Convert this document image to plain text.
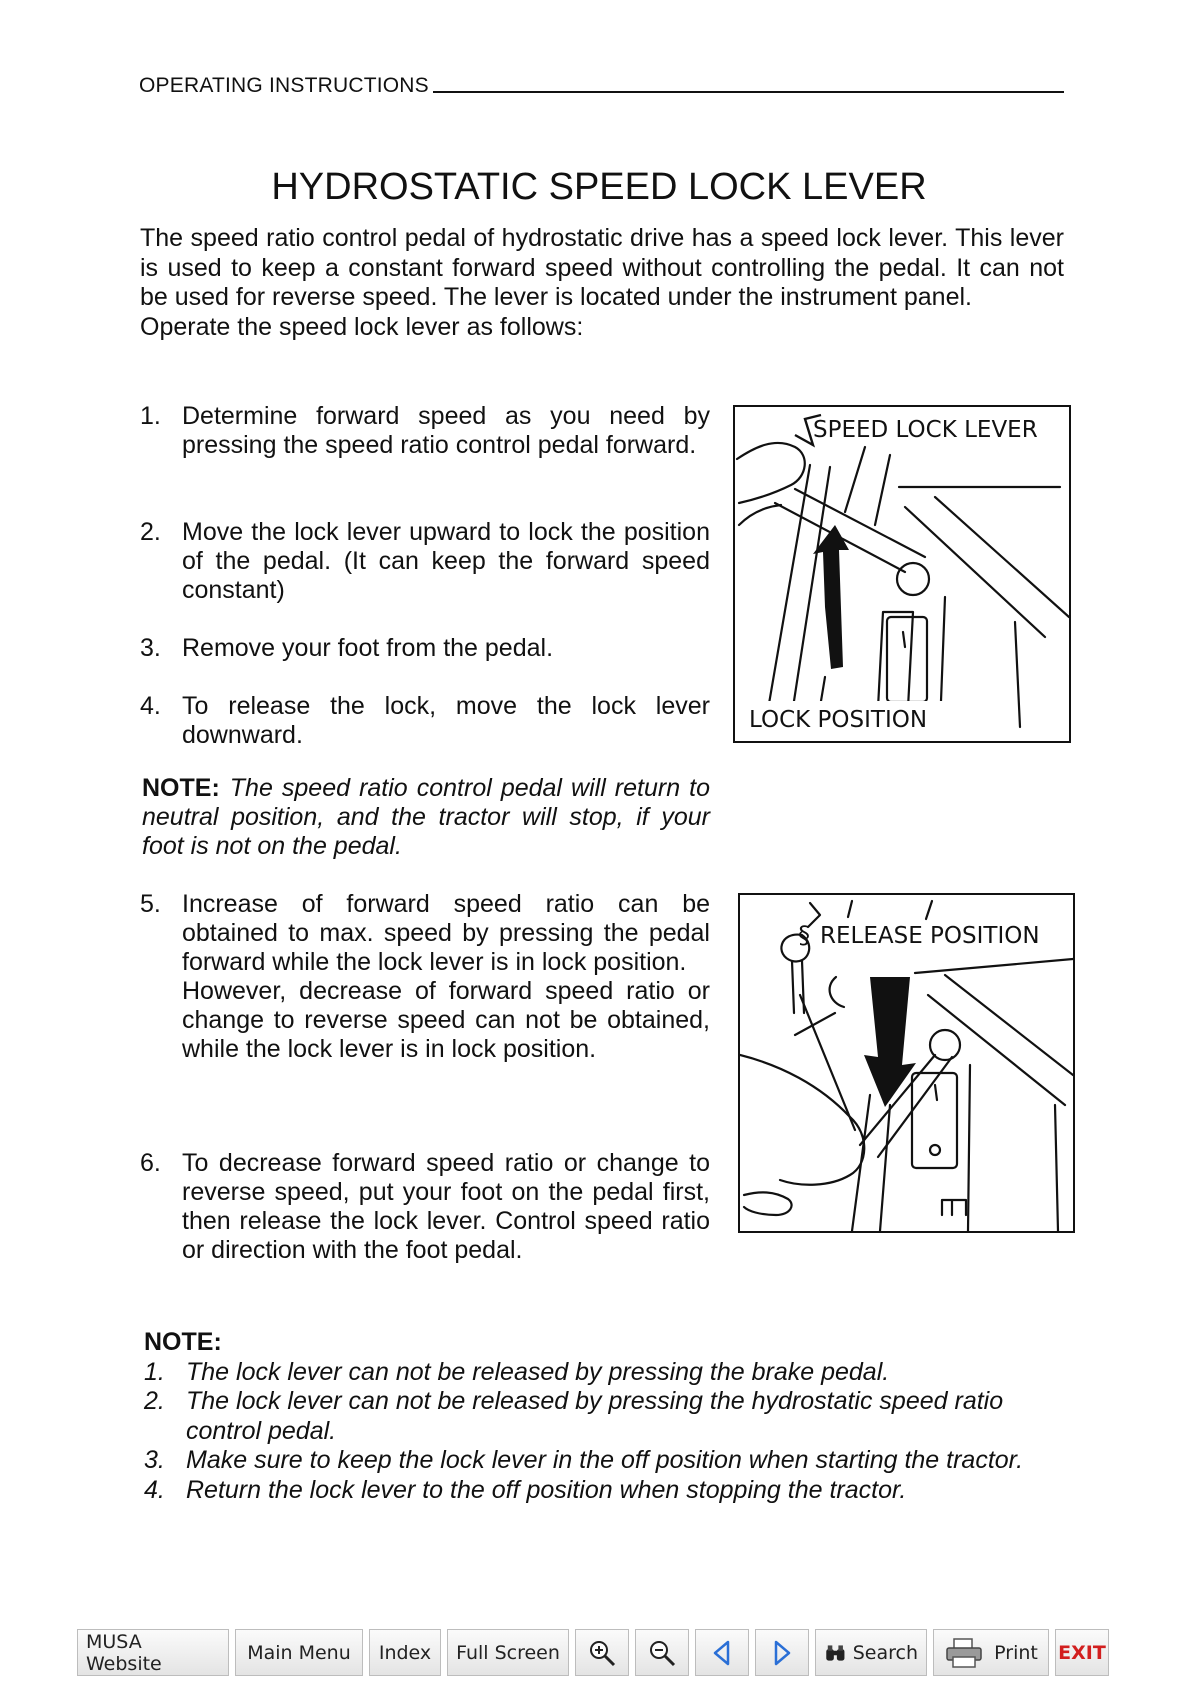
OPERATING INSTRUCTIONS
HYDROSTATIC SPEED LOCK LEVER

The speed ratio control pedal of hydrostatic drive has a speed lock lever. This lever is used to keep a constant forward speed without controlling the pedal. It can not be used for reverse speed. The lever is located under the instrument panel.

Operate the speed lock lever as follows:

1. Determine forward speed as you need by pressing the speed ratio control pedal forward.

2. Move the lock lever upward to lock the position of the pedal. (It can keep the forward speed constant)

3. Remove your foot from the pedal.

4. To release the lock, move the lock lever downward.

NOTE: The speed ratio control pedal will return to neutral position, and the tractor will stop, if your foot is not on the pedal.
5. Increase of forward speed ratio can be obtained to max. speed by pressing the pedal forward while the lock lever is in lock position.

However, decrease of forward speed ratio or change to reverse speed can not be obtained, while the lock lever is in lock position.

6. To decrease forward speed ratio or change to reverse speed, put your foot on the pedal first, then release the lock lever. Control speed ratio or direction with the foot pedal.

SPEED LOCK LEVER
LOCK POSITION
RELEASE POSITION
§
NOTE:
1. The lock lever can not be released by pressing the brake pedal.
2. The lock lever can not be released by pressing the hydrostatic speed ratio control pedal.
3. Make sure to keep the lock lever in the off position when starting the tractor.
4. Return the lock lever to the off position when stopping the tractor.
MUSA Website	Main Menu	Index	Full Screen	Search	Print EXIT
